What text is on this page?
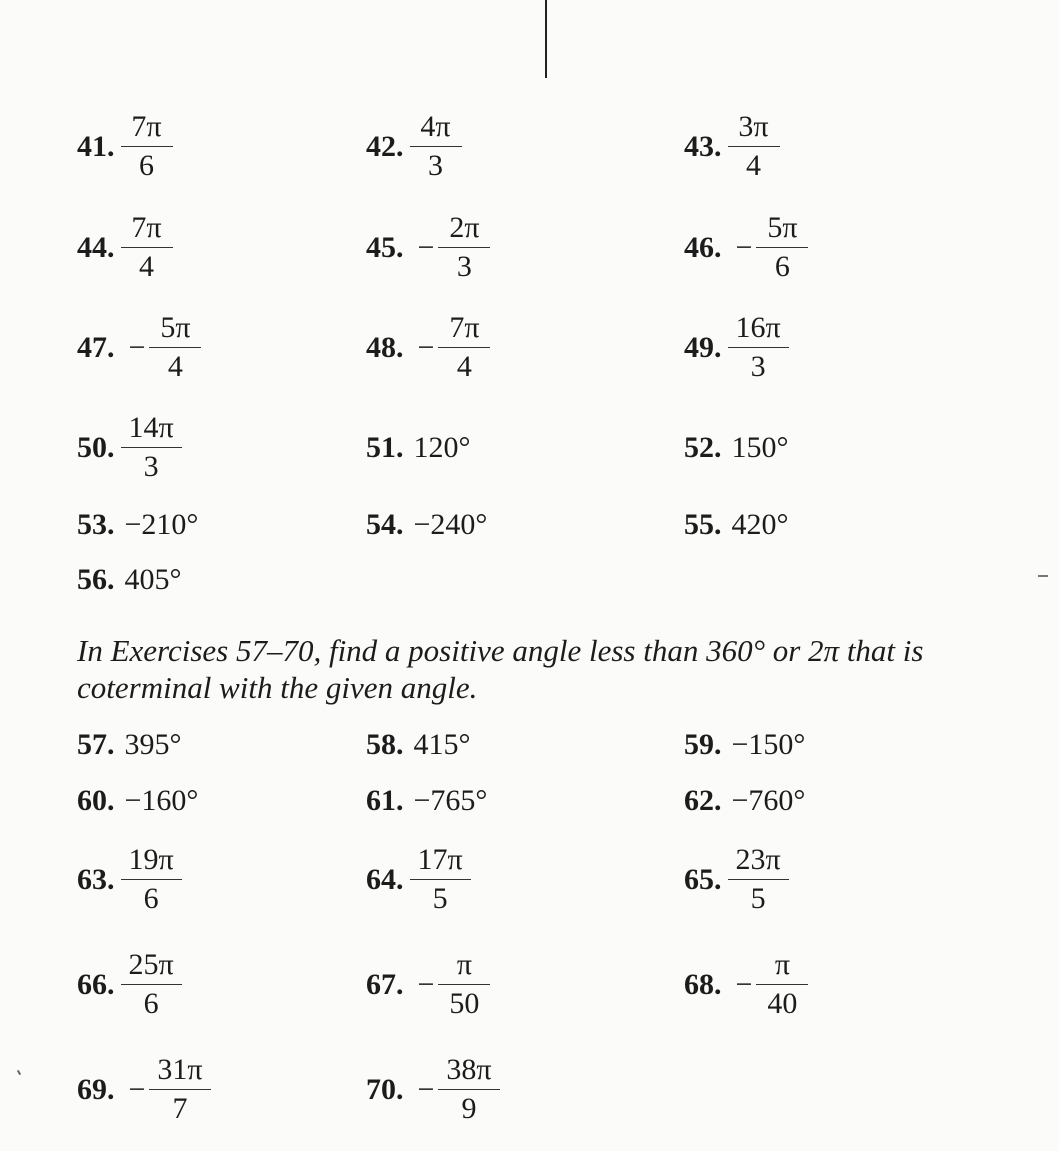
41. $\frac{7\pi}{6}$	42. $\frac{4\pi}{3}$	43. $\frac{3\pi}{4}$
44. $\frac{7\pi}{4}$	45. − $\frac{2\pi}{3}$	46. − $\frac{5\pi}{6}$
47. − $\frac{5\pi}{4}$	48. − $\frac{7\pi}{4}$	49. $\frac{16\pi}{3}$
50. $\frac{14\pi}{3}$	51. 120°	52. 150°
53. −210°	54. −240°	55. 420°
56. 405°
In Exercises 57–70, find a positive angle less than 360° or 2π that is coterminal with the given angle.
57. 395°	58. 415°	59. −150°
60. −160°	61. −765°	62. −760°
63. $\frac{19\pi}{6}$	64. $\frac{17\pi}{5}$	65. $\frac{23\pi}{5}$
66. $\frac{25\pi}{6}$	67. − $\frac{\pi}{50}$	68. − $\frac{\pi}{40}$
69. − $\frac{31\pi}{7}$	70. − $\frac{38\pi}{9}$
